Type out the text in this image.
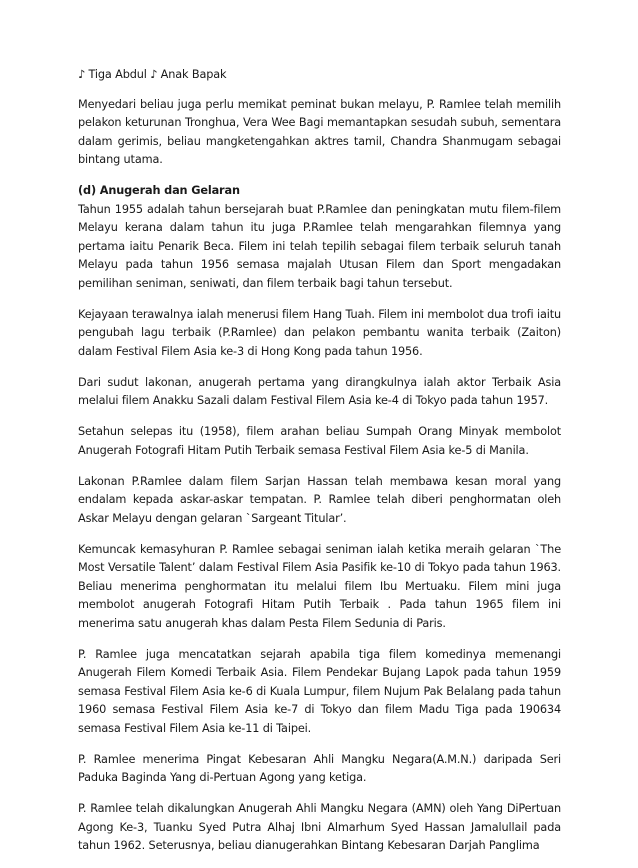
♪ Tiga Abdul ♪ Anak Bapak

Menyedari beliau juga perlu memikat peminat bukan melayu, P. Ramlee telah memilih pelakon keturunan Tronghua, Vera Wee Bagi memantapkan sesudah subuh, sementara dalam gerimis, beliau mangketengahkan aktres tamil, Chandra Shanmugam sebagai bintang utama.

(d) Anugerah dan Gelaran
Tahun 1955 adalah tahun bersejarah buat P.Ramlee dan peningkatan mutu filem-filem Melayu kerana dalam tahun itu juga P.Ramlee telah mengarahkan filemnya yang pertama iaitu Penarik Beca. Filem ini telah tepilih sebagai filem terbaik seluruh tanah Melayu pada tahun 1956 semasa majalah Utusan Filem dan Sport mengadakan pemilihan seniman, seniwati, dan filem terbaik bagi tahun tersebut.

Kejayaan terawalnya ialah menerusi filem Hang Tuah. Filem ini membolot dua trofi iaitu pengubah lagu terbaik (P.Ramlee) dan pelakon pembantu wanita terbaik (Zaiton) dalam Festival Filem Asia ke-3 di Hong Kong pada tahun 1956.

Dari sudut lakonan, anugerah pertama yang dirangkulnya ialah aktor Terbaik Asia melalui filem Anakku Sazali dalam Festival Filem Asia ke-4 di Tokyo pada tahun 1957.

Setahun selepas itu (1958), filem arahan beliau Sumpah Orang Minyak membolot Anugerah Fotografi Hitam Putih Terbaik semasa Festival Filem Asia ke-5 di Manila.

Lakonan P.Ramlee dalam filem Sarjan Hassan telah membawa kesan moral yang endalam kepada askar-askar tempatan. P. Ramlee telah diberi penghormatan oleh Askar Melayu dengan gelaran `Sargeant Titular’.

Kemuncak kemasyhuran P. Ramlee sebagai seniman ialah ketika meraih gelaran `The Most Versatile Talent’ dalam Festival Filem Asia Pasifik ke-10 di Tokyo pada tahun 1963. Beliau menerima penghormatan itu melalui filem Ibu Mertuaku. Filem mini juga membolot anugerah Fotografi Hitam Putih Terbaik . Pada tahun 1965 filem ini menerima satu anugerah khas dalam Pesta Filem Sedunia di Paris.

P. Ramlee juga mencatatkan sejarah apabila tiga filem komedinya memenangi Anugerah Filem Komedi Terbaik Asia. Filem Pendekar Bujang Lapok pada tahun 1959 semasa Festival Filem Asia ke-6 di Kuala Lumpur, filem Nujum Pak Belalang pada tahun 1960 semasa Festival Filem Asia ke-7 di Tokyo dan filem Madu Tiga pada 190634 semasa Festival Filem Asia ke-11 di Taipei.

P. Ramlee menerima Pingat Kebesaran Ahli Mangku Negara(A.M.N.) daripada Seri Paduka Baginda Yang di-Pertuan Agong yang ketiga.

P. Ramlee telah dikalungkan Anugerah Ahli Mangku Negara (AMN) oleh Yang DiPertuan Agong Ke-3, Tuanku Syed Putra Alhaj Ibni Almarhum Syed Hassan Jamalullail pada tahun 1962. Seterusnya, beliau dianugerahkan Bintang Kebesaran Darjah Panglima
